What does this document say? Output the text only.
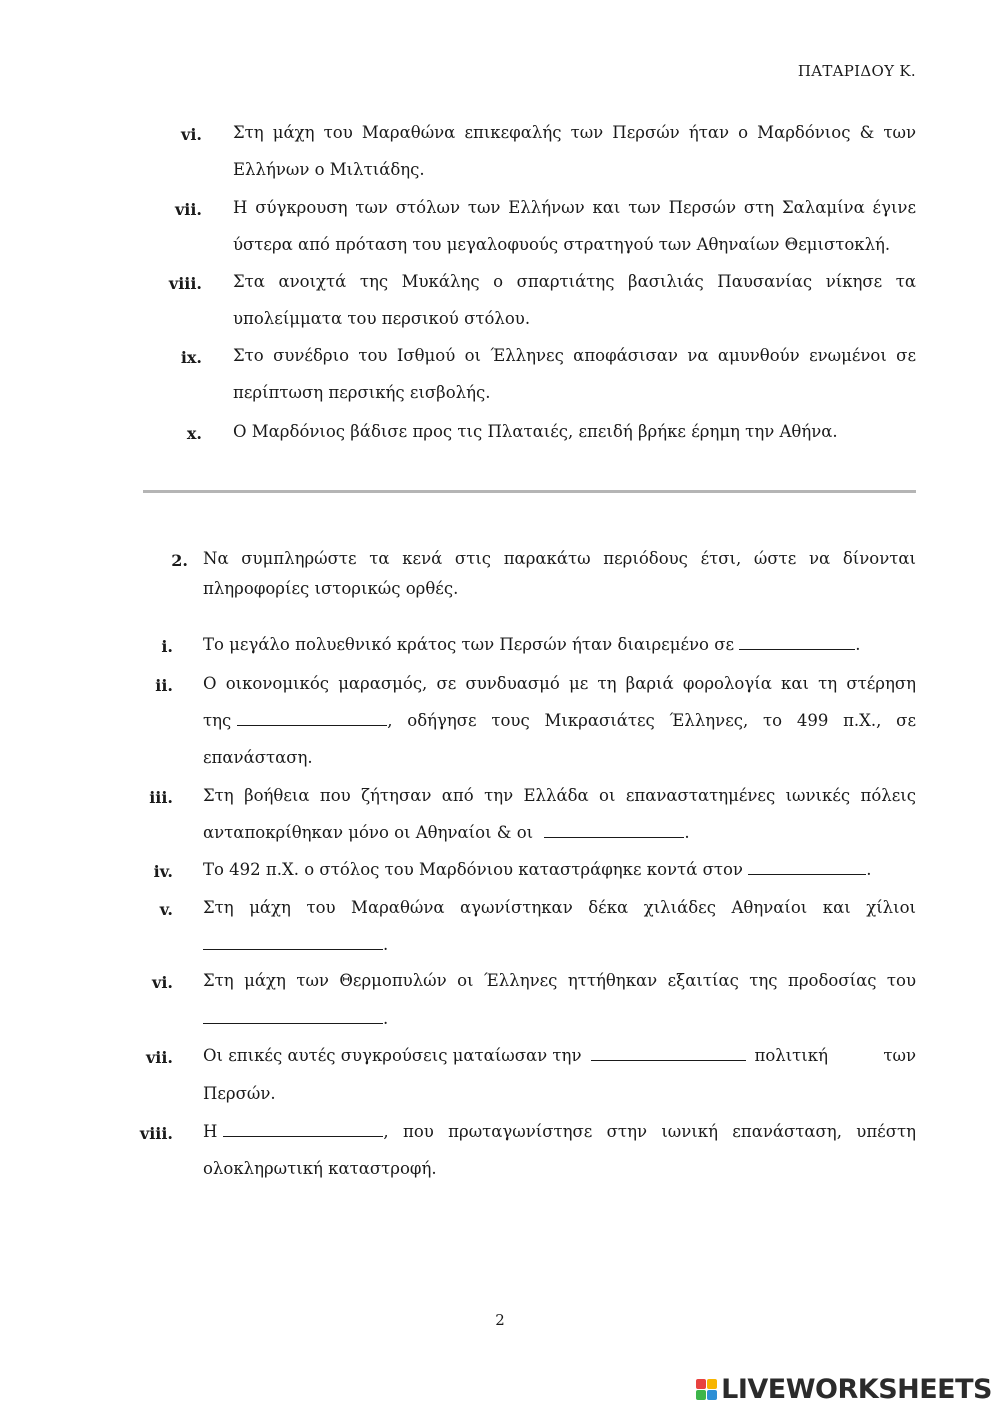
ΠΑΤΑΡΙΔΟΥ Κ.
vi. Στη μάχη του Μαραθώνα επικεφαλής των Περσών ήταν ο Μαρδόνιος & των
Ελλήνων ο Μιλτιάδης.
vii. Η σύγκρουση των στόλων των Ελλήνων και των Περσών στη Σαλαμίνα έγινε
ύστερα από πρόταση του μεγαλοφυούς στρατηγού των Αθηναίων Θεμιστοκλή.
viii. Στα ανοιχτά της Μυκάλης ο σπαρτιάτης βασιλιάς Παυσανίας νίκησε τα
υπολείμματα του περσικού στόλου.
ix. Στο συνέδριο του Ισθμού οι Έλληνες αποφάσισαν να αμυνθούν ενωμένοι σε
περίπτωση περσικής εισβολής.
x. Ο Μαρδόνιος βάδισε προς τις Πλαταιές, επειδή βρήκε έρημη την Αθήνα.
2. Να συμπληρώστε τα κενά στις παρακάτω περιόδους έτσι, ώστε να δίνονται
πληροφορίες ιστορικώς ορθές.
i. Το μεγάλο πολυεθνικό κράτος των Περσών ήταν διαιρεμένο σε	.
ii. Ο οικονομικός μαρασμός, σε συνδυασμό με τη βαριά φορολογία και τη στέρηση
της	, οδήγησε τους Μικρασιάτες Έλληνες, το 499 π.Χ., σε
επανάσταση.
iii. Στη βοήθεια που ζήτησαν από την Ελλάδα οι επαναστατημένες ιωνικές πόλεις
ανταποκρίθηκαν μόνο οι Αθηναίοι & οι	.
iv. Το 492 π.Χ. ο στόλος του Μαρδόνιου καταστράφηκε κοντά στον	.
v. Στη μάχη του Μαραθώνα αγωνίστηκαν δέκα χιλιάδες Αθηναίοι και χίλιοι
.
vi. Στη μάχη των Θερμοπυλών οι Έλληνες ηττήθηκαν εξαιτίας της προδοσίας του
.
vii. Οι επικές αυτές συγκρούσεις ματαίωσαν την	πολιτική	των
Περσών.
viii. Η	, που πρωταγωνίστησε στην ιωνική επανάσταση, υπέστη
ολοκληρωτική καταστροφή.
2
LIVEWORKSHEETS
